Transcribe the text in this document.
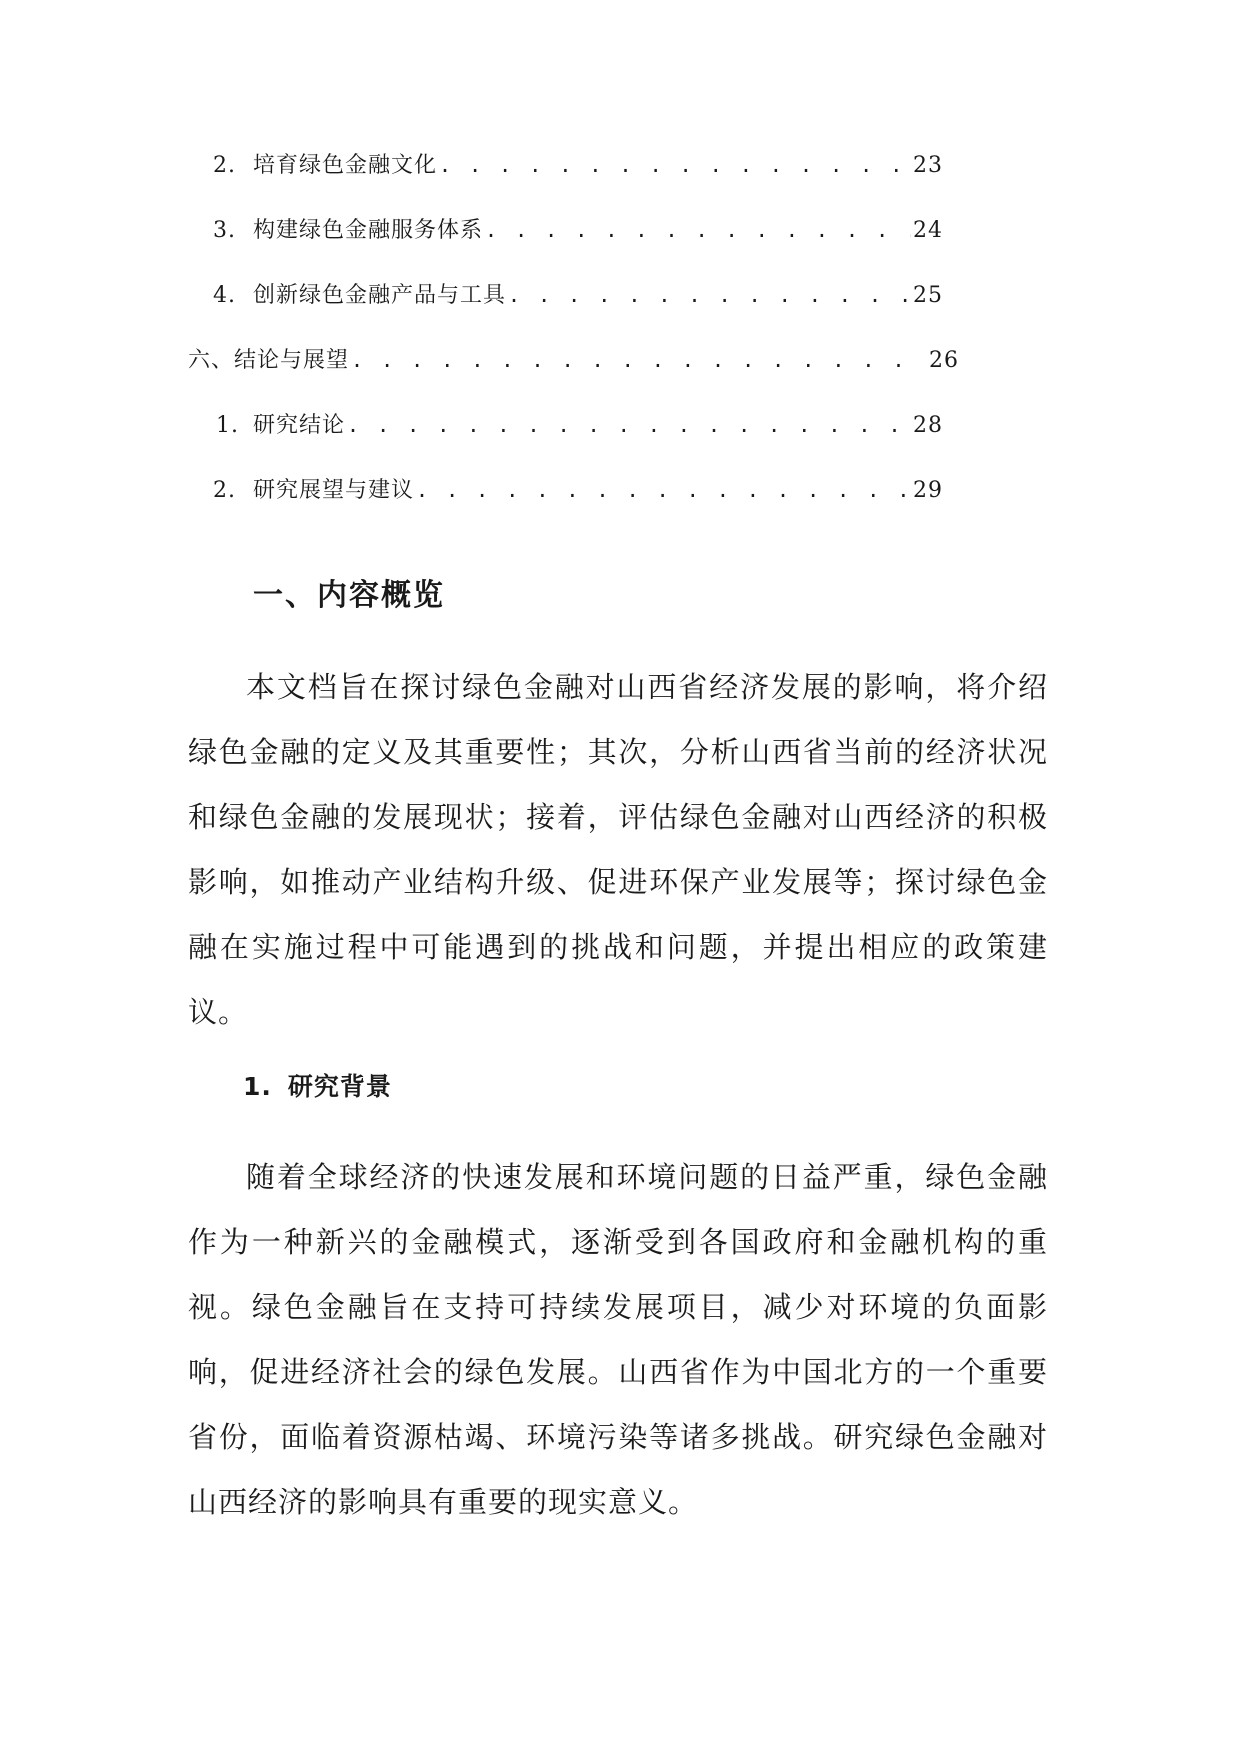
2. 培育绿色金融文化 . . .	23
3. 构建绿色金融服务体系 . . .	24
4. 创新绿色金融产品与工具 . . .	25
六、结论与展望 . . .	26
1. 研究结论 . . .	28
2. 研究展望与建议 . . .	29
一、内容概览

本文档旨在探讨绿色金融对山西省经济发展的影响，将介绍绿色金融的定义及其重要性；其次，分析山西省当前的经济状况和绿色金融的发展现状；接着，评估绿色金融对山西经济的积极影响，如推动产业结构升级、促进环保产业发展等；探讨绿色金融在实施过程中可能遇到的挑战和问题，并提出相应的政策建议。

1. 研究背景

随着全球经济的快速发展和环境问题的日益严重，绿色金融作为一种新兴的金融模式，逐渐受到各国政府和金融机构的重视。绿色金融旨在支持可持续发展项目，减少对环境的负面影响，促进经济社会的绿色发展。山西省作为中国北方的一个重要省份，面临着资源枯竭、环境污染等诸多挑战。研究绿色金融对山西经济的影响具有重要的现实意义。
